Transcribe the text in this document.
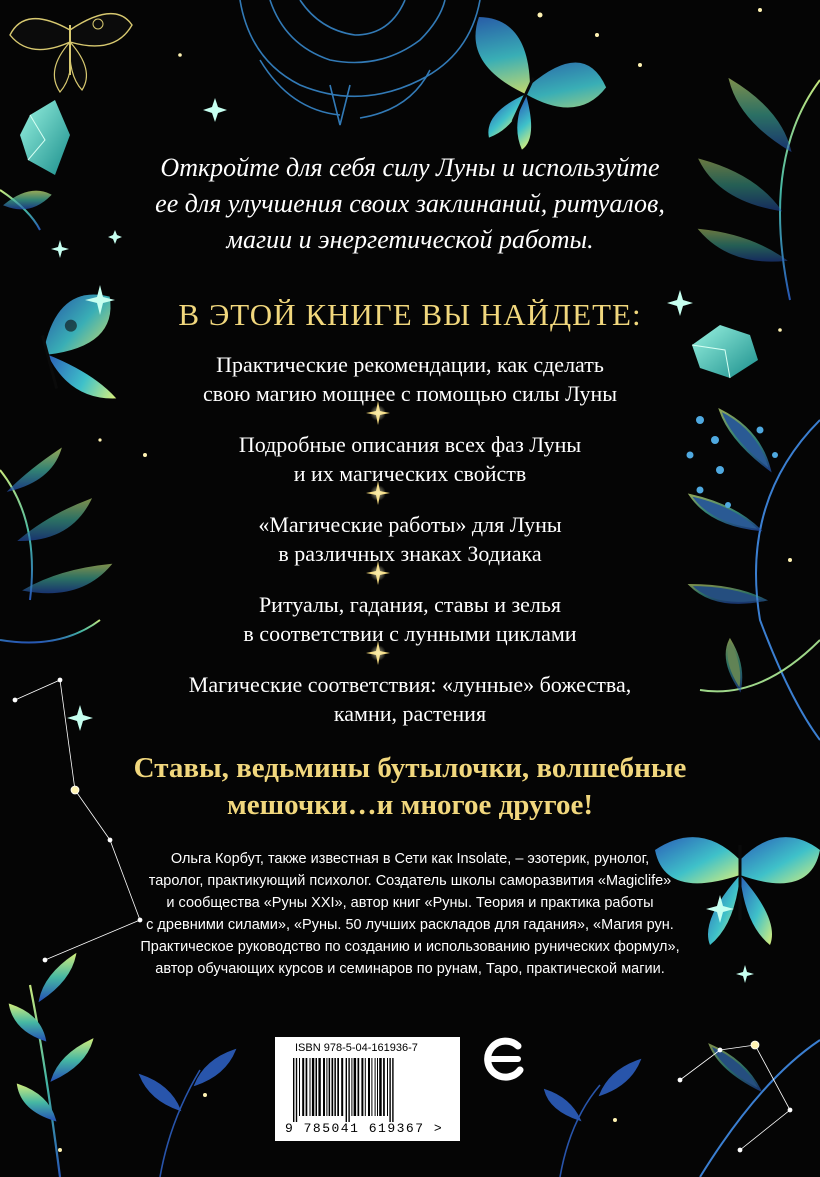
Откройте для себя силу Луны и используйте
ее для улучшения своих заклинаний, ритуалов,
магии и энергетической работы.
В ЭТОЙ КНИГЕ ВЫ НАЙДЕТЕ:
Практические рекомендации, как сделать
свою магию мощнее с помощью силы Луны
Подробные описания всех фаз Луны
и их магических свойств
«Магические работы» для Луны
в различных знаках Зодиака
Ритуалы, гадания, ставы и зелья
в соответствии с лунными циклами
Магические соответствия: «лунные» божества,
камни, растения
Ставы, ведьмины бутылочки, волшебные
мешочки…и многое другое!
Ольга Корбут, также известная в Сети как Insolate, – эзотерик, рунолог,
таролог, практикующий психолог. Создатель школы саморазвития «Magiclife»
и сообщества «Руны XXI», автор книг «Руны. Теория и практика работы
с древними силами», «Руны. 50 лучших раскладов для гадания», «Магия рун.
Практическое руководство по созданию и использованию рунических формул»,
автор обучающих курсов и семинаров по рунам, Таро, практической магии.
ISBN 978-5-04-161936-7
9 785041 619367 >
